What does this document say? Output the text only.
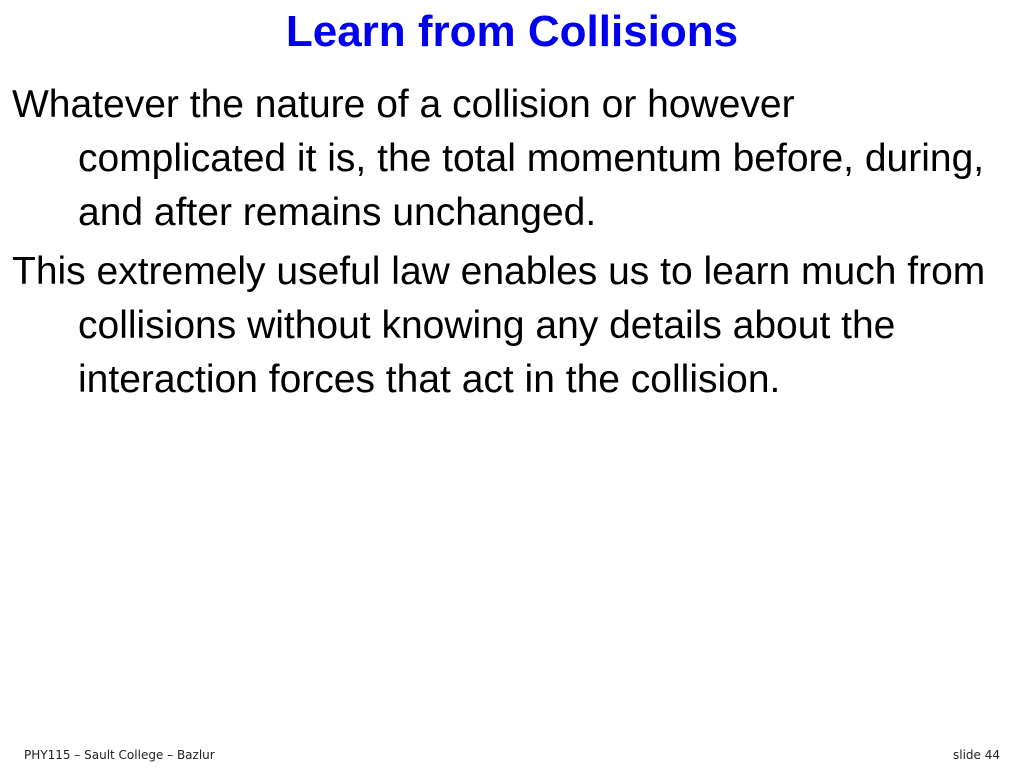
Learn from Collisions
Whatever the nature of a collision or however complicated it is, the total momentum before, during, and after remains unchanged.
This extremely useful law enables us to learn much from collisions without knowing any details about the interaction forces that act in the collision.
PHY115 – Sault College – Bazlur	slide 44
